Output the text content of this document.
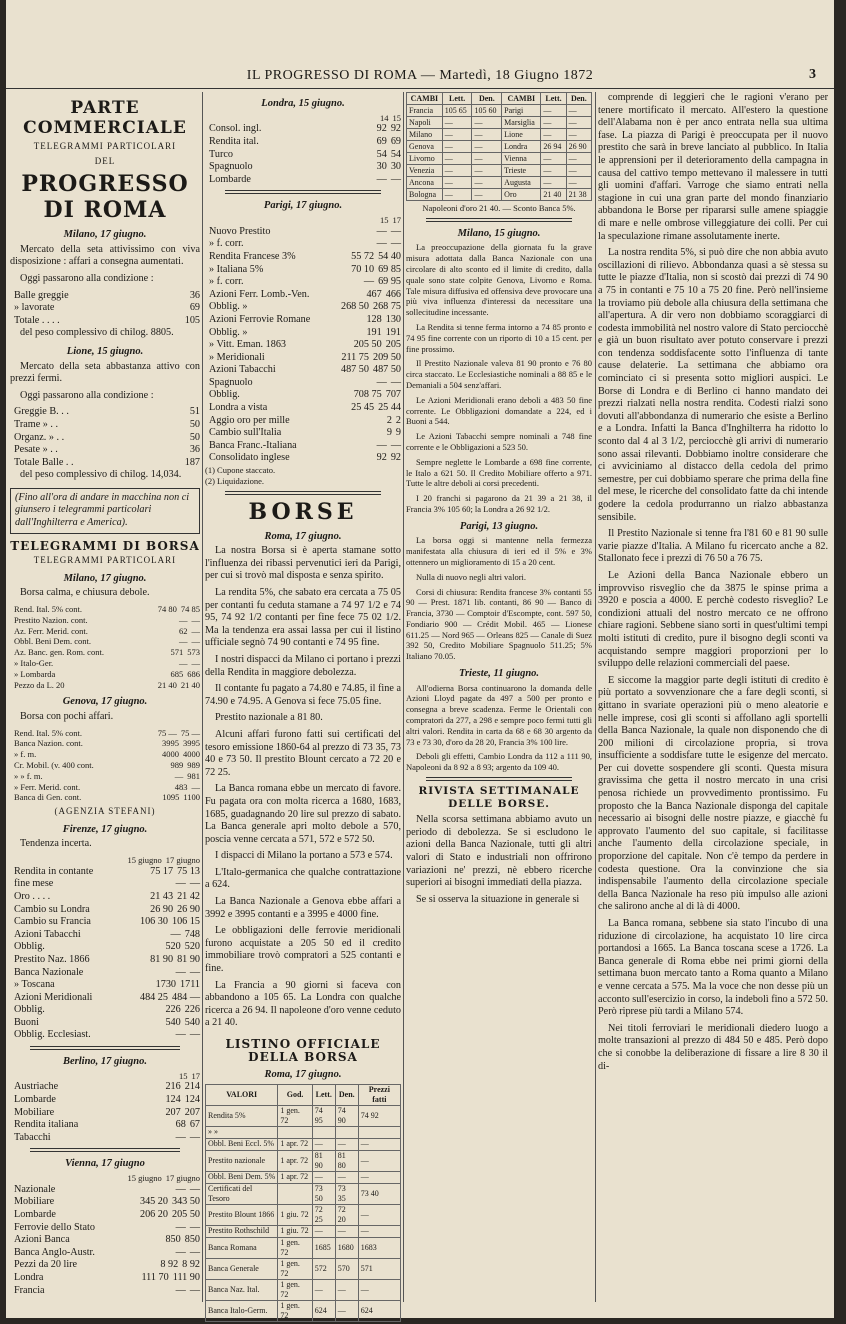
IL PROGRESSO DI ROMA — Martedì, 18 Giugno 1872	3
PARTE COMMERCIALE
TELEGRAMMI PARTICOLARI
DEL
PROGRESSO DI ROMA
Milano, 17 giugno.

Mercato della seta attivissimo con viva disposizione : affari a consegna aumentati.

Oggi passarono alla condizione :

Balle greggie	36
» lavorate	69
Totale . . . .	105

del peso complessivo di chilog. 8805.

Lione, 15 giugno.

Mercato della seta abbastanza attivo con prezzi fermi.

Oggi passarono alla condizione :

Greggie B. . .	51
Trame » . .	50
Organz. » . .	50
Pesate » . .	36
Totale Balle . .	187

del peso complessivo di chilog. 14,034.

(Fino all'ora di andare in macchina non ci giunsero i telegrammi particolari dall'Inghilterra e America).
TELEGRAMMI DI BORSA
TELEGRAMMI PARTICOLARI
Milano, 17 giugno.

Borsa calma, e chiusura debole.

Rend. Ital. 5% cont.	74 80 74 85
Prestito Nazion. cont.	— —
Az. Ferr. Merid. cont.	62 —
Obbl. Beni Dem. cont.	— —
Az. Banc. gen. Rom. cont.	571 573
» Italo-Ger.	— —
» Lombarda	685 686
Pezzo da L. 20	21 40 21 40
Genova, 17 giugno.

Borsa con pochi affari.

Rend. Ital. 5% cont.	75 — 75 —
Banca Nazion. cont.	3995 3995
» f. m.	4000 4000
Cr. Mobil. (v. 400 cont.	989 989
» » f. m.	— 981
» Ferr. Merid. cont.	483 —
Banca di Gen. cont.	1095 1100
(AGENZIA STEFANI)
Firenze, 17 giugno.

Tendenza incerta.

15 giugno 17 giugno
Rendita in contante	75 17 75 13
fine mese	— —
Oro . . . .	21 43 21 42
Cambio su Londra	26 90 26 90
Cambio su Francia	106 30 106 15
Azioni Tabacchi	— 748
Obblig.	520 520
Prestito Naz. 1866	81 90 81 90
Banca Nazionale	— —
» Toscana	1730 1711
Azioni Meridionali	484 25 484 —
Obblig.	226 226
Buoni	540 540
Obblig. Ecclesiast.	— —
Berlino, 17 giugno.
15 17
Austriache	216 214
Lombarde	124 124
Mobiliare	207 207
Rendita italiana	68 67
Tabacchi	— —
Vienna, 17 giugno
15 giugno 17 giugno
Nazionale	— —
Mobiliare	345 20 343 50
Lombarde	206 20 205 50
Ferrovie dello Stato	— —
Azioni Banca	850 850
Banca Anglo-Austr.	— —
Pezzi da 20 lire	8 92 8 92
Londra	111 70 111 90
Francia	— —
Londra, 15 giugno.
14 15
Consol. ingl.	92 92
Rendita ital.	69 69
Turco	54 54
Spagnuolo	30 30
Lombarde	— —
Parigi, 17 giugno.
15 17
Nuovo Prestito	— —
» f. corr.	— —
Rendita Francese 3%	55 72 54 40
» Italiana 5%	70 10 69 85
» f. corr.	— 69 95
Azioni Ferr. Lomb.-Ven.	467 466
Obblig. »	268 50 268 75
Azioni Ferrovie Romane	128 130
Obblig. »	191 191
» Vitt. Eman. 1863	205 50 205
» Meridionali	211 75 209 50
Azioni Tabacchi	487 50 487 50
Spagnuolo	— —
Obblig.	708 75 707
Londra a vista	25 45 25 44
Aggio oro per mille	2 2
Cambio sull'Italia	9 9
Banca Franc.-Italiana	— —
Consolidato inglese	92 92
(1) Cupone staccato.
(2) Liquidazione.
BORSE
Roma, 17 giugno.

La nostra Borsa si è aperta stamane sotto l'influenza dei ribassi pervenutici ieri da Parigi, per cui si trovò mal disposta e senza spirito.

La rendita 5%, che sabato era cercata a 75 05 per contanti fu ceduta stamane a 74 97 1/2 e 74 95, 74 92 1/2 contanti per fine fece 75 02 1/2. Ma la tendenza era assai lassa per cui il listino ufficiale segnò 74 90 contanti e 74 95 fine.

I nostri dispacci da Milano ci portano i prezzi della Rendita in maggiore debolezza.

Il contante fu pagato a 74.80 e 74.85, il fine a 74.90 e 74.95. A Genova si fece 75.05 fine.

Prestito nazionale a 81 80.

Alcuni affari furono fatti sui certificati del tesoro emissione 1860-64 al prezzo di 73 35, 73 40 e 73 50. Il prestito Blount cercato a 72 20 e 72 25.

La Banca romana ebbe un mercato di favore. Fu pagata ora con molta ricerca a 1680, 1683, 1685, guadagnando 20 lire sul prezzo di sabato. La Banca generale apri molto debole a 570, poscia venne cercata a 571, 572 e 572 50.

I dispacci di Milano la portano a 573 e 574.

L'Italo-germanica che qualche contrattazione a 624.

La Banca Nazionale a Genova ebbe affari a 3992 e 3995 contanti e a 3995 e 4000 fine.

Le obbligazioni delle ferrovie meridionali furono acquistate a 205 50 ed il credito immobiliare trovò compratori a 525 contanti e fine.

La Francia a 90 giorni si faceva con abbandono a 105 65. La Londra con qualche ricerca a 26 94. Il napoleone d'oro venne ceduto a 21 40.

LISTINO OFFICIALE DELLA BORSA
Roma, 17 giugno.
VALORI	God.	Lett.	Den.	Prezzi fatti
Rendita 5%	1 gen. 72	74 95	74 90	74 92
» »				
Obbl. Beni Eccl. 5%	1 apr. 72	—	—	—
Prestito nazionale	1 apr. 72	81 90	81 80	—
Obbl. Beni Dem. 5%	1 apr. 72	—	—	—
Certificati del Tesoro		73 50	73 35	73 40
Prestito Blount 1866	1 giu. 72	72 25	72 20	—
Prestito Rothschild	1 giu. 72	—	—	—
Banca Romana	1 gen. 72	1685	1680	1683
Banca Generale	1 gen. 72	572	570	571
Banca Naz. Ital.	1 gen. 72	—	—	—
Banca Italo-Germ.	1 gen. 72	624	—	624
CAMBI	Lett.	Den.	CAMBI	Lett.	Den.
Francia	105 65	105 60	Parigi	—	—
Napoli	—	—	Marsiglia	—	—
Milano	—	—	Lione	—	—
Genova	—	—	Londra	26 94	26 90
Livorno	—	—	Vienna	—	—
Venezia	—	—	Trieste	—	—
Ancona	—	—	Augusta	—	—
Bologna	—	—	Oro	21 40	21 38
Napoleoni d'oro 21 40. — Sconto Banca 5%.
Milano, 15 giugno.

La preoccupazione della giornata fu la grave misura adottata dalla Banca Nazionale con una circolare di alto sconto ed il limite di credito, dalla quale sono state colpite Genova, Livorno e Roma. Tale misura diffusiva ed offensiva deve provocare una più viva influenza d'interessi da necessitare una sollecitudine incessante.

La Rendita si tenne ferma intorno a 74 85 pronto e 74 95 fine corrente con un riporto di 10 a 15 cent. per fine prossimo.

Il Prestito Nazionale valeva 81 90 pronto e 76 80 circa staccato. Le Ecclesiastiche nominali a 88 85 e le Demaniali a 504 senz'affari.

Le Azioni Meridionali erano deboli a 483 50 fine corrente. Le Obbligazioni domandate a 224, ed i Buoni a 544.

Le Azioni Tabacchi sempre nominali a 748 fine corrente e le Obbligazioni a 523 50.

Sempre neglette le Lombarde a 698 fine corrente, le Italo a 621 50. Il Credito Mobiliare offerto a 971. Tutte le altre deboli ai corsi precedenti.

I 20 franchi si pagarono da 21 39 a 21 38, il Francia 3% 105 60; la Londra a 26 92 1/2.

Parigi, 13 giugno.

La borsa oggi si mantenne nella fermezza manifestata alla chiusura di ieri ed il 5% e 3% ottennero un miglioramento di 15 a 20 cent.

Nulla di nuovo negli altri valori.

Corsi di chiusura: Rendita francese 3% contanti 55 90 — Prest. 1871 lib. contanti, 86 90 — Banco di Francia, 3730 — Comptoir d'Escompte, cont. 597 50, Fondiario 900 — Crédit Mobil. 465 — Lionese 611.25 — Nord 965 — Orleans 825 — Canale di Suez 392 50, Credito Mobiliare Spagnuolo 511.25; 5% Italiano 70.05.

Trieste, 11 giugno.

All'odierna Borsa continuarono la domanda delle Azioni Lloyd pagate da 497 a 500 per pronto e consegna a breve scadenza. Ferme le Orientali con compratori da 277, a 298 e sempre poco fermi tutti gli altri valori. Rendita in carta da 68 e 68 30 argento da 73 e 73 30, d'oro da 28 20, Francia 3% 100 lire.

Deboli gli effetti, Cambio Londra da 112 a 111 90, Napoleoni da 8 92 a 8 93; argento da 109 40.

RIVISTA SETTIMANALE DELLE BORSE.

Nella scorsa settimana abbiamo avuto un periodo di debolezza. Se si escludono le azioni della Banca Nazionale, tutti gli altri valori di Stato e industriali non offrirono variazioni ne' prezzi, nè ebbero ricerche superiori ai bisogni immediati della piazza.

Se si osserva la situazione in generale si

comprende di leggieri che le ragioni v'erano per tenere mortificato il mercato. All'estero la questione dell'Alabama non è per anco entrata nella sua ultima fase. La piazza di Parigi è preoccupata per il nuovo prestito che sarà in breve lanciato al pubblico. In Italia le apprensioni per il deterioramento della campagna in causa del cattivo tempo mettevano il malessere in tutti gli uomini d'affari. Varroge che siamo entrati nella stagione in cui una gran parte del mondo finanziario abbandona le Borse per ripararsi sulle amene spiaggie di mare e nelle ombrose villeggiature dei colli. Per cui la speculazione rimane assolutamente inerte.

La nostra rendita 5%, si può dire che non abbia avuto oscillazioni di rilievo. Abbondanza quasi a sè stessa su tutte le piazze d'Italia, non si scostò dai prezzi di 74 90 a 75 in contanti e 75 10 a 75 20 fine. Però nell'insieme la troviamo più debole alla chiusura della settimana che all'apertura. A dir vero non dobbiamo scoraggiarci di codesta immobilità nel nostro valore di Stato perciocchè e già un buon risultato aver potuto conservare i prezzi con tendenza soddisfacente sotto l'influenza di tante cause delaterie. La settimana che abbiamo ora cominciato ci si presenta sotto migliori auspici. Le Borse di Londra e di Berlino ci hanno mandato dei prezzi rialzati nella nostra rendita. Codesti rialzi sono dovuti all'abbondanza di numerario che esiste a Berlino e a Londra. Infatti la Banca d'Inghilterra ha ridotto lo sconto dal 4 al 3 1/2, perciocchè gli arrivi di numerario sono assai rilevanti. Dobbiamo inoltre considerare che ci avviciniamo al distacco della cedola del primo semestre, per cui dobbiamo sperare che prima della fine del mese, le ricerche del consolidato fatte da chi intende godere la cedola produrranno un rialzo abbastanza sensibile.

Il Prestito Nazionale si tenne fra l'81 60 e 81 90 sulle varie piazze d'Italia. A Milano fu ricercato anche a 82. Stallonato fece i prezzi di 76 50 a 76 75.

Le Azioni della Banca Nazionale ebbero un improvviso risveglio che da 3875 le spinse prima a 3920 e poscia a 4000. E perchè codesto risveglio? Le condizioni attuali del nostro mercato ce ne offrono chiare ragioni. Sebbene siano sorti in quest'ultimi tempi molti istituti di credito, pure il bisogno degli sconti va acquistando sempre maggiori proporzioni per lo sviluppo delle relazioni commerciali del paese.

E siccome la maggior parte degli istituti di credito è più portato a sovvenzionare che a fare degli sconti, si gittano in svariate operazioni più o meno aleatorie e nelle imprese, così gli sconti si affollano agli sportelli della Banca Nazionale, la quale non disponendo che di 200 milioni di circolazione propria, si trova insufficiente a soddisfare tutte le esigenze del mercato. Per cui dovette sospendere gli sconti. Questa misura gravissima che getta il nostro mercato in una crisi penosa richiede un provvedimento prontissimo. Fu proposto che la Banca Nazionale disponga del capitale necessario ai bisogni delle nostre piazze, e giacchè fu approvato l'aumento del suo capitale, si facilitasse anche l'aumento della circolazione speciale, in proporzione del capitale. Non c'è tempo da perdere in codesta questione. Ora la convinzione che sia indispensabile l'aumento della circolazione speciale della Banca Nazionale ha reso più impulso alle azioni che salirono anche al di là di 4000.

La Banca romana, sebbene sia stato l'incubo di una riduzione di circolazione, ha acquistato 10 lire circa portandosi a 1665. La Banca toscana scese a 1726. La Banca generale di Roma ebbe nei primi giorni della settimana buon mercato tanto a Roma quanto a Milano e venne cercata a 575. Ma la voce che non desse più un acconto sull'esercizio in corso, la indebolì fino a 572 50. Però riprese più tardi a Milano 574.

Nei titoli ferroviari le meridionali diedero luogo a molte transazioni al prezzo di 484 50 e 485. Però dopo che si conobbe la deliberazione di fissare a lire 8 30 il di-
